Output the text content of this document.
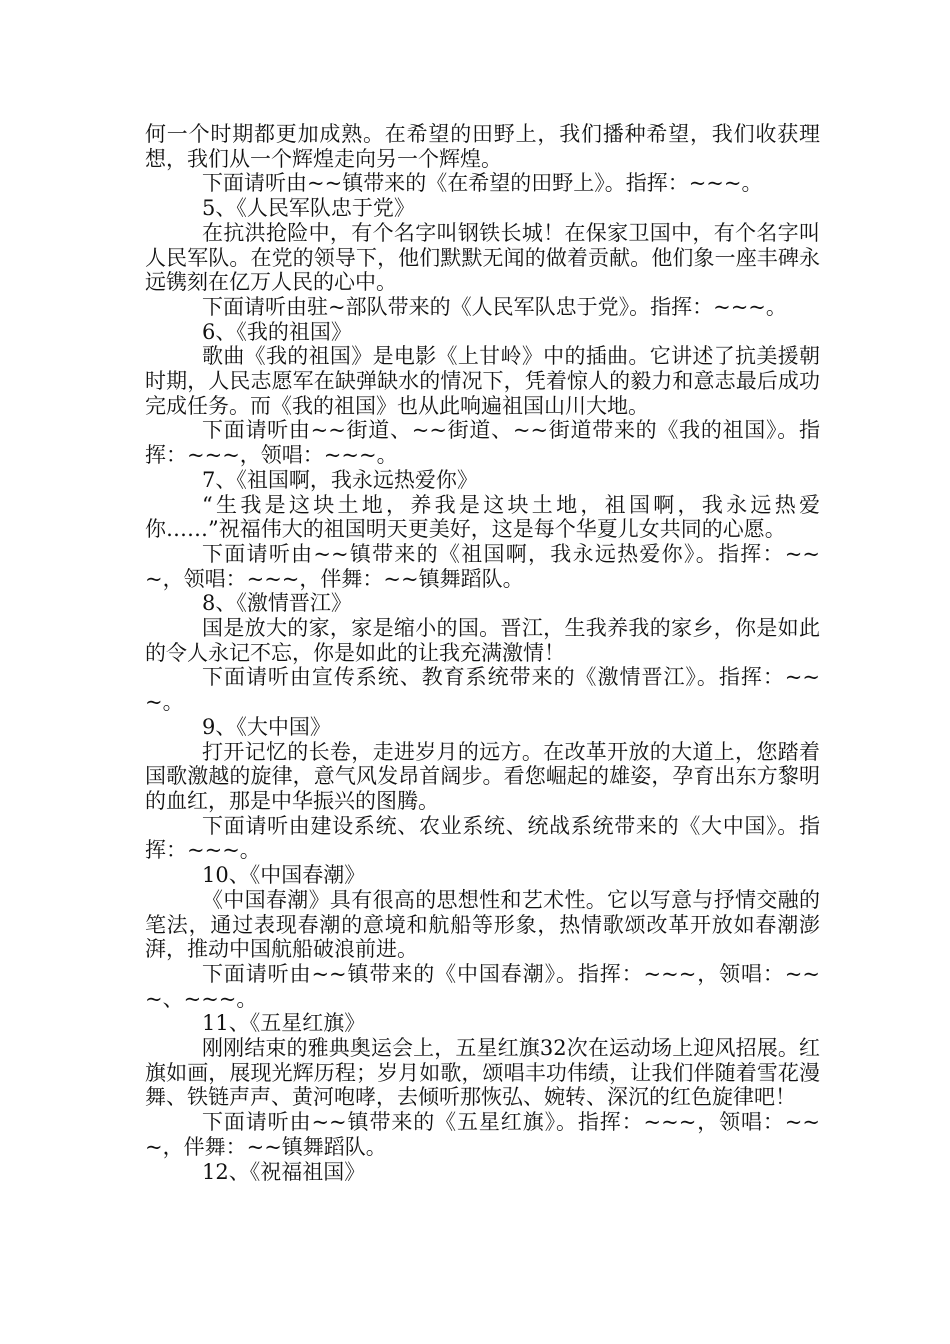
何一个时期都更加成熟。在希望的田野上，我们播种希望，我们收获理想，我们从一个辉煌走向另一个辉煌。

下面请听由~~镇带来的《在希望的田野上》。指挥：~~~。

5、《人民军队忠于党》

在抗洪抢险中，有个名字叫钢铁长城！在保家卫国中，有个名字叫人民军队。在党的领导下，他们默默无闻的做着贡献。他们象一座丰碑永远镌刻在亿万人民的心中。

下面请听由驻~部队带来的《人民军队忠于党》。指挥：~~~。

6、《我的祖国》

歌曲《我的祖国》是电影《上甘岭》中的插曲。它讲述了抗美援朝时期，人民志愿军在缺弹缺水的情况下，凭着惊人的毅力和意志最后成功完成任务。而《我的祖国》也从此响遍祖国山川大地。

下面请听由~~街道、~~街道、~~街道带来的《我的祖国》。指挥：~~~，领唱：~~~。

7、《祖国啊，我永远热爱你》

“生我是这块土地，养我是这块土地，祖国啊，我永远热爱你……”祝福伟大的祖国明天更美好，这是每个华夏儿女共同的心愿。

下面请听由~~镇带来的《祖国啊，我永远热爱你》。指挥：~~~，领唱：~~~，伴舞：~~镇舞蹈队。

8、《激情晋江》

国是放大的家，家是缩小的国。晋江，生我养我的家乡，你是如此的令人永记不忘，你是如此的让我充满激情！

下面请听由宣传系统、教育系统带来的《激情晋江》。指挥：~~~。

9、《大中国》

打开记忆的长卷，走进岁月的远方。在改革开放的大道上，您踏着国歌激越的旋律，意气风发昂首阔步。看您崛起的雄姿，孕育出东方黎明的血红，那是中华振兴的图腾。

下面请听由建设系统、农业系统、统战系统带来的《大中国》。指挥：~~~。

10、《中国春潮》

《中国春潮》具有很高的思想性和艺术性。它以写意与抒情交融的笔法，通过表现春潮的意境和航船等形象，热情歌颂改革开放如春潮澎湃，推动中国航船破浪前进。

下面请听由~~镇带来的《中国春潮》。指挥：~~~，领唱：~~~、~~~。

11、《五星红旗》

刚刚结束的雅典奥运会上，五星红旗32次在运动场上迎风招展。红旗如画，展现光辉历程；岁月如歌，颂唱丰功伟绩，让我们伴随着雪花漫舞、铁链声声、黄河咆哮，去倾听那恢弘、婉转、深沉的红色旋律吧！

下面请听由~~镇带来的《五星红旗》。指挥：~~~，领唱：~~~，伴舞：~~镇舞蹈队。

12、《祝福祖国》
